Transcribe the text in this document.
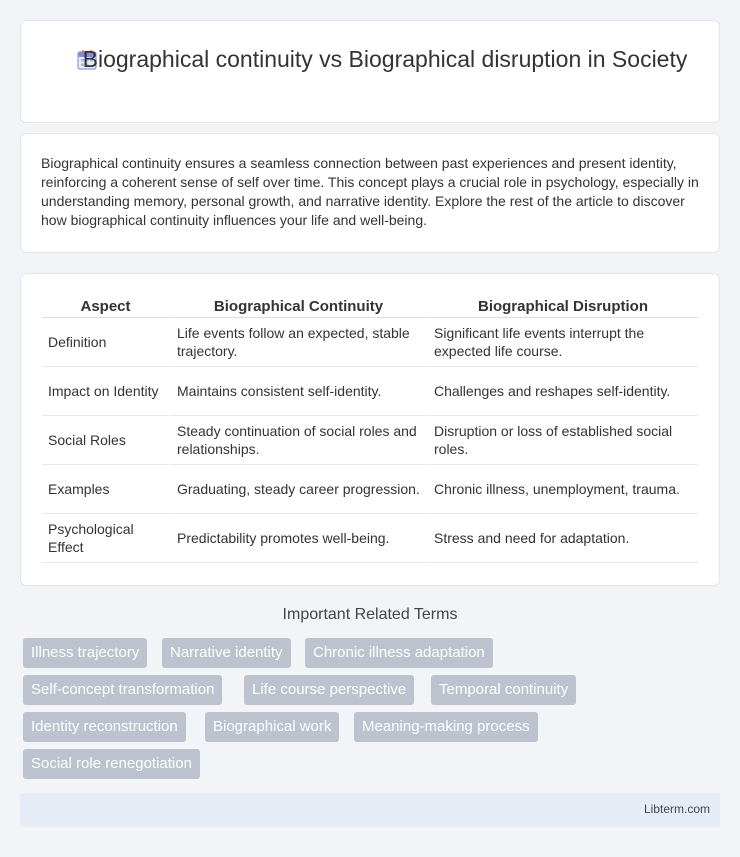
Biographical continuity vs Biographical disruption in Society

Biographical continuity ensures a seamless connection between past experiences and present identity, reinforcing a coherent sense of self over time. This concept plays a crucial role in psychology, especially in understanding memory, personal growth, and narrative identity. Explore the rest of the article to discover how biographical continuity influences your life and well-being.

Aspect	Biographical Continuity	Biographical Disruption
Definition	Life events follow an expected, stable trajectory.	Significant life events interrupt the expected life course.
Impact on Identity	Maintains consistent self-identity.	Challenges and reshapes self-identity.
Social Roles	Steady continuation of social roles and relationships.	Disruption or loss of established social roles.
Examples	Graduating, steady career progression.	Chronic illness, unemployment, trauma.
Psychological Effect	Predictability promotes well-being.	Stress and need for adaptation.
Important Related Terms
Illness trajectory	Narrative identity	Chronic illness adaptation
Self-concept transformation	Life course perspective	Temporal continuity
Identity reconstruction	Biographical work	Meaning-making process
Social role renegotiation
Libterm.com
